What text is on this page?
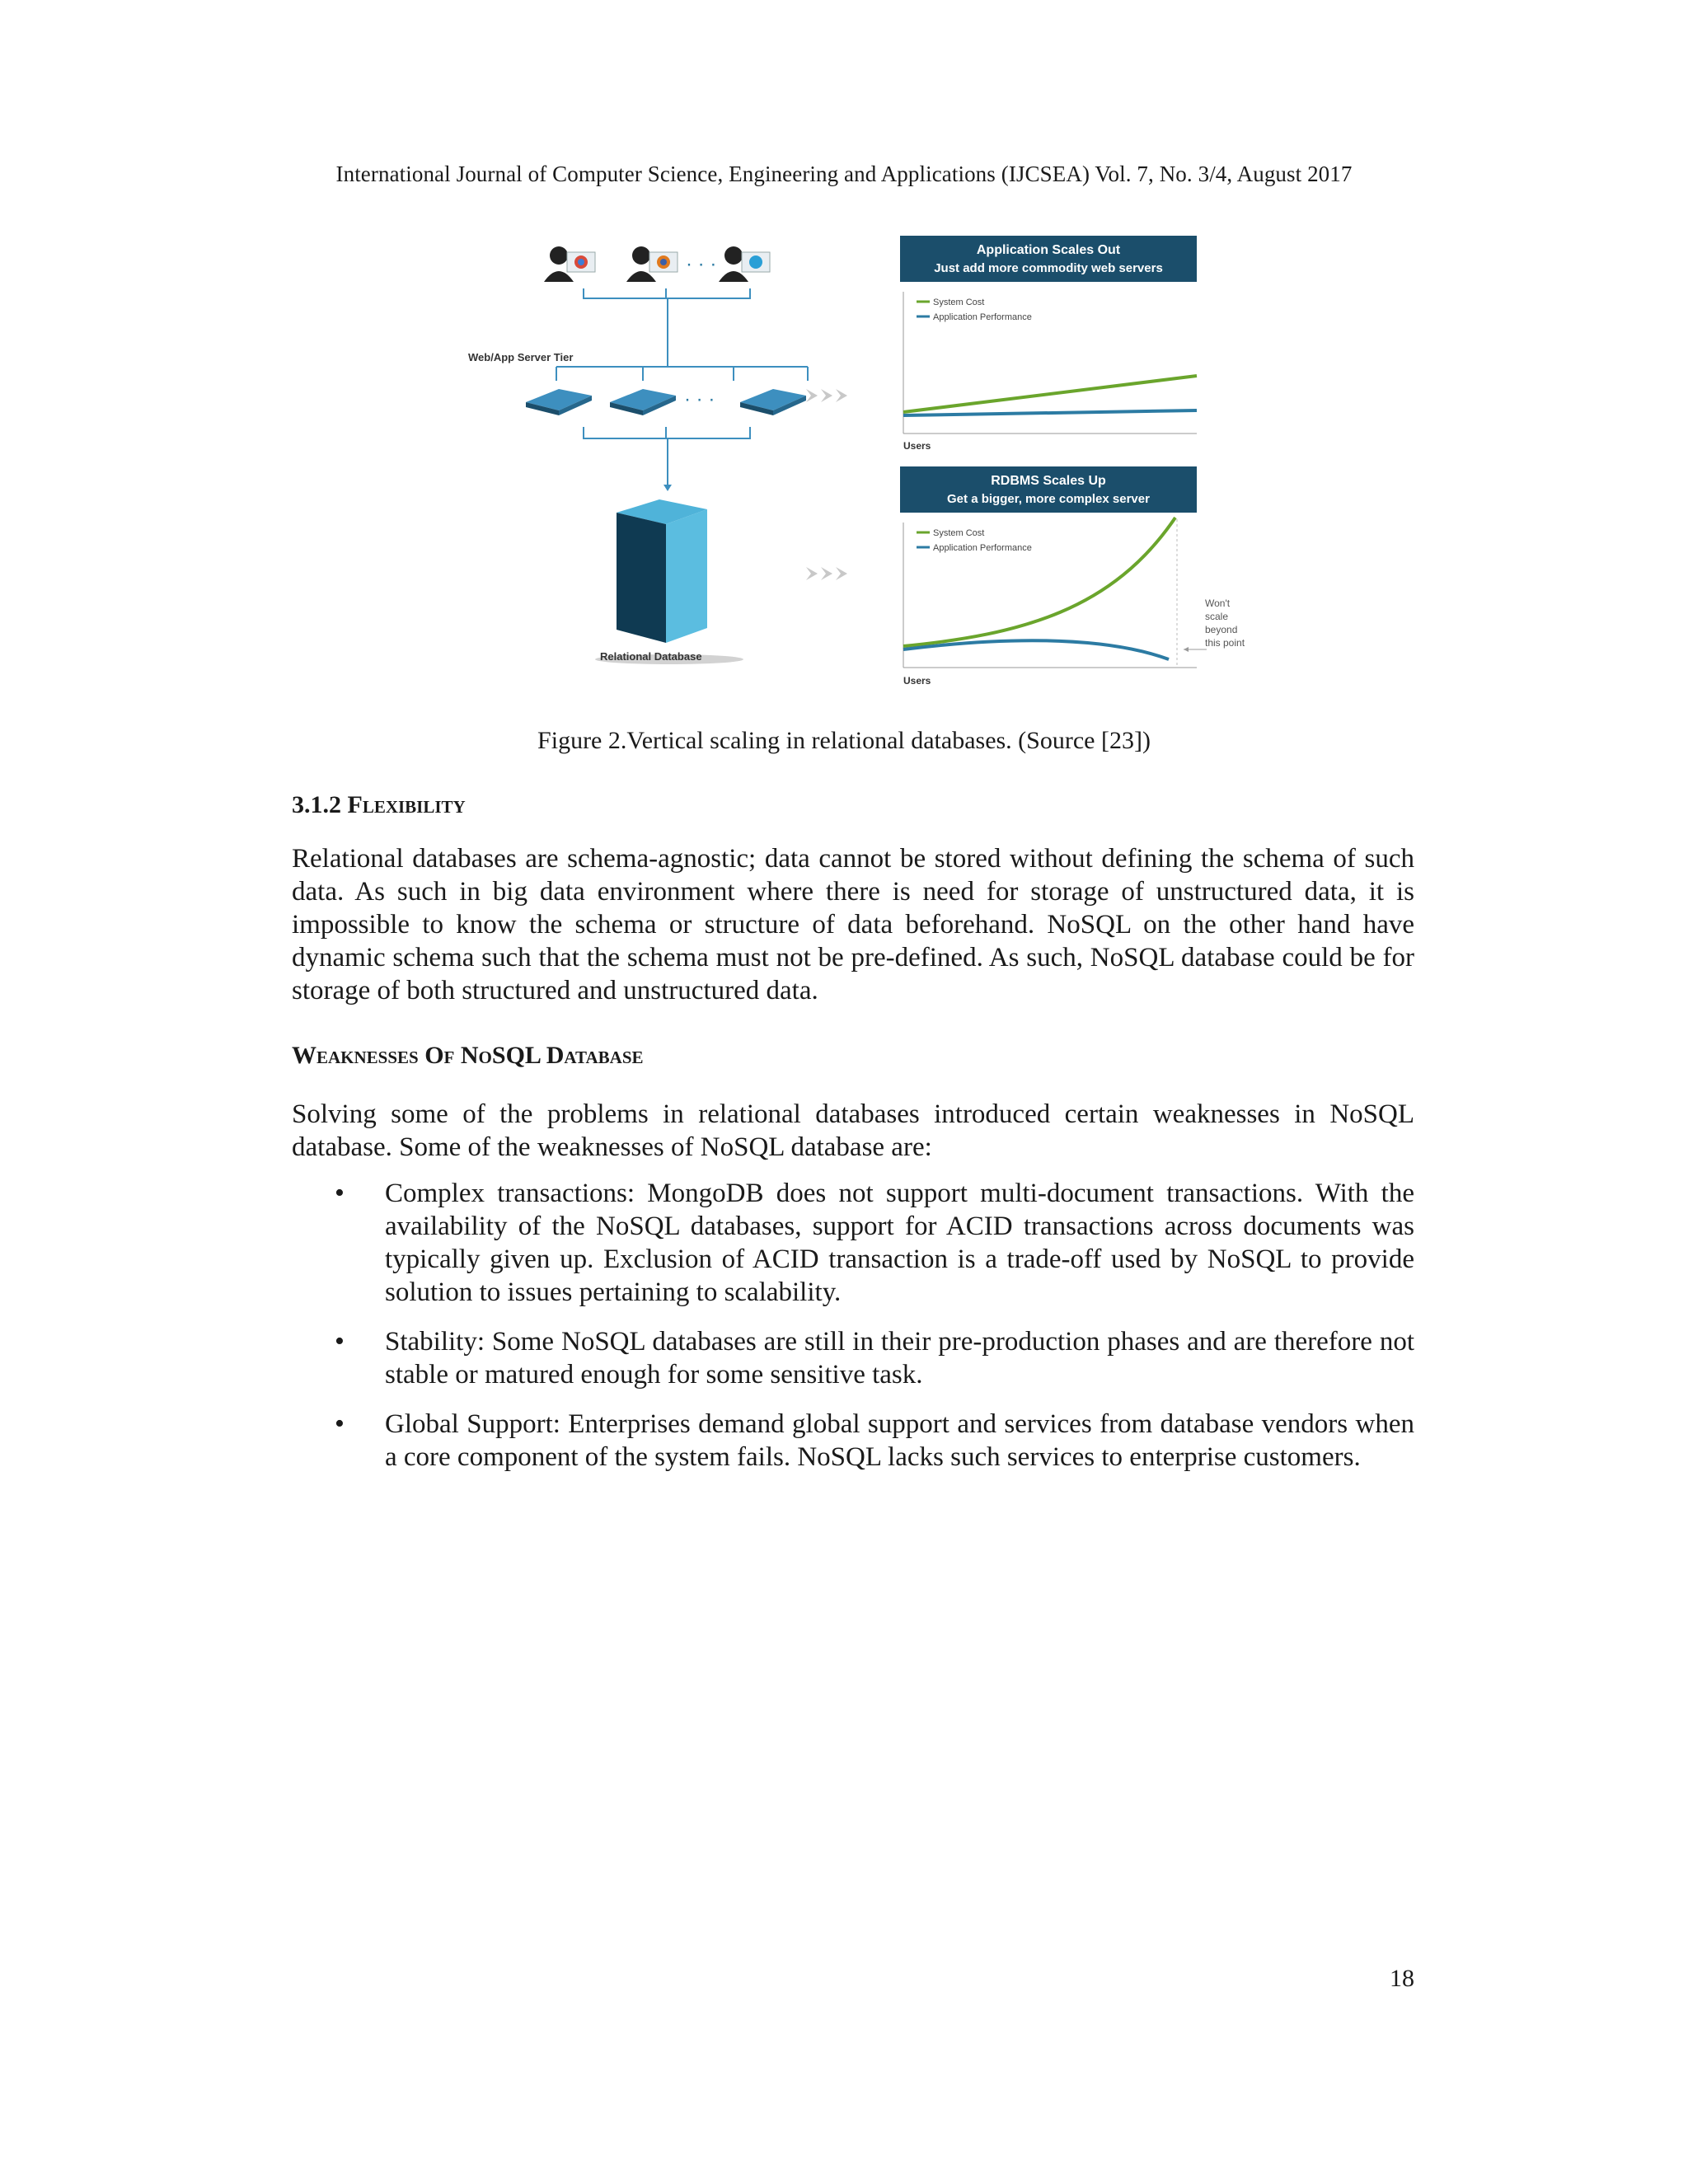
International Journal of Computer Science, Engineering and Applications (IJCSEA) Vol. 7, No. 3/4, August 2017
· · ·
Web/App Server Tier
· · ·
Relational Database
Application Scales Out
Just add more commodity web servers
System Cost
Application Performance
Users
RDBMS Scales Up
Get a bigger, more complex server
System Cost
Application Performance
Won't
scale
beyond
this point
Users
Figure 2.Vertical scaling in relational databases. (Source [23])
3.1.2 Flexibility
Relational databases are schema-agnostic; data cannot be stored without defining the schema of such data. As such in big data environment where there is need for storage of unstructured data, it is impossible to know the schema or structure of data beforehand. NoSQL on the other hand have dynamic schema such that the schema must not be pre-defined. As such, NoSQL database could be for storage of both structured and unstructured data.
Weaknesses Of NoSQL Database
Solving some of the problems in relational databases introduced certain weaknesses in NoSQL database. Some of the weaknesses of NoSQL database are:
• Complex transactions: MongoDB does not support multi-document transactions. With the availability of the NoSQL databases, support for ACID transactions across documents was typically given up. Exclusion of ACID transaction is a trade-off used by NoSQL to provide solution to issues pertaining to scalability.
• Stability: Some NoSQL databases are still in their pre-production phases and are therefore not stable or matured enough for some sensitive task.
• Global Support: Enterprises demand global support and services from database vendors when a core component of the system fails. NoSQL lacks such services to enterprise customers.
18
